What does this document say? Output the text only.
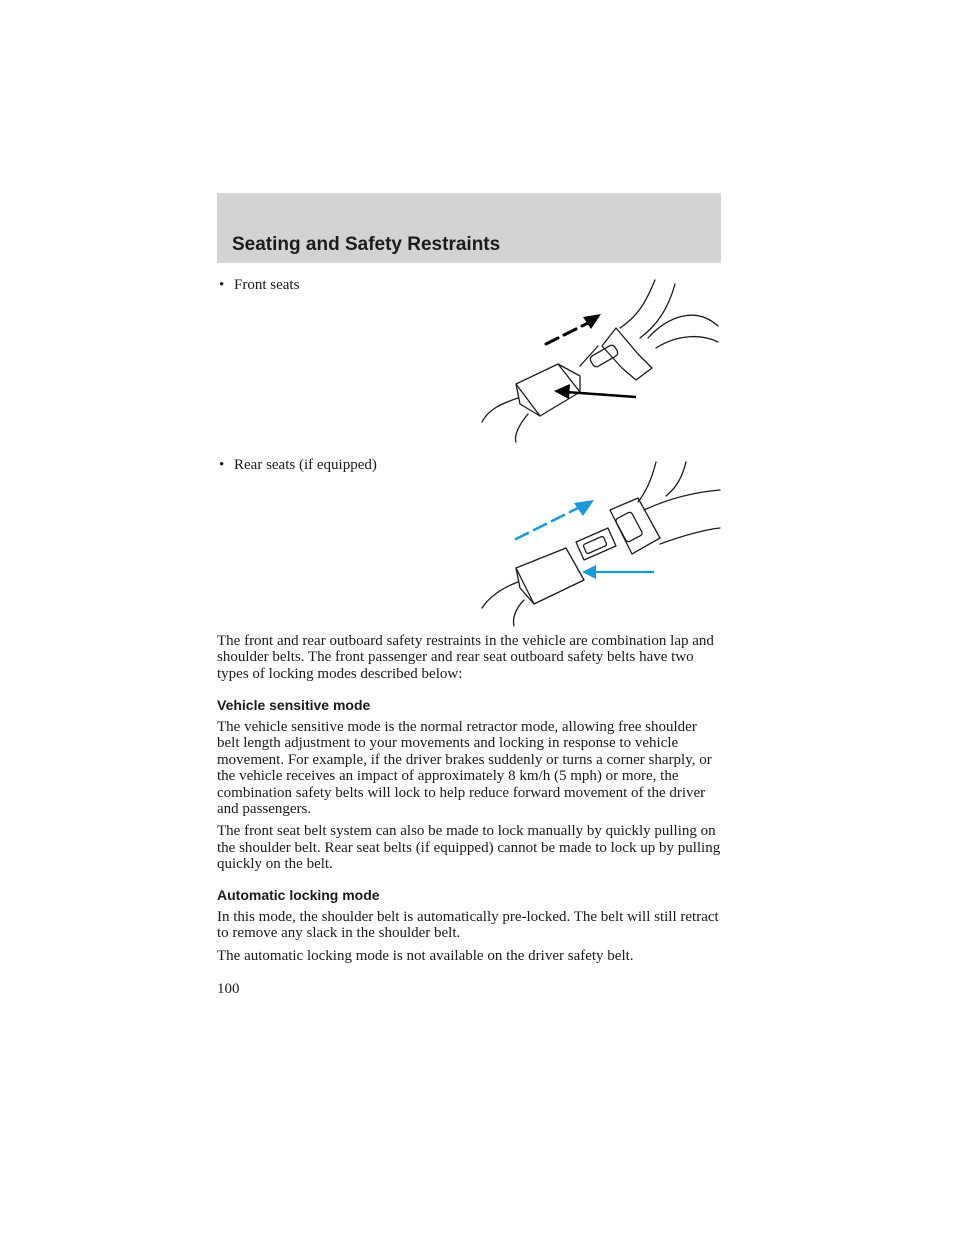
Seating and Safety Restraints
• Front seats
• Rear seats (if equipped)

The front and rear outboard safety restraints in the vehicle are combination lap and shoulder belts. The front passenger and rear seat outboard safety belts have two types of locking modes described below:

Vehicle sensitive mode

The vehicle sensitive mode is the normal retractor mode, allowing free shoulder belt length adjustment to your movements and locking in response to vehicle movement. For example, if the driver brakes suddenly or turns a corner sharply, or the vehicle receives an impact of approximately 8 km/h (5 mph) or more, the combination safety belts will lock to help reduce forward movement of the driver and passengers.

The front seat belt system can also be made to lock manually by quickly pulling on the shoulder belt. Rear seat belts (if equipped) cannot be made to lock up by pulling quickly on the belt.

Automatic locking mode

In this mode, the shoulder belt is automatically pre-locked. The belt will still retract to remove any slack in the shoulder belt.

The automatic locking mode is not available on the driver safety belt.

100
